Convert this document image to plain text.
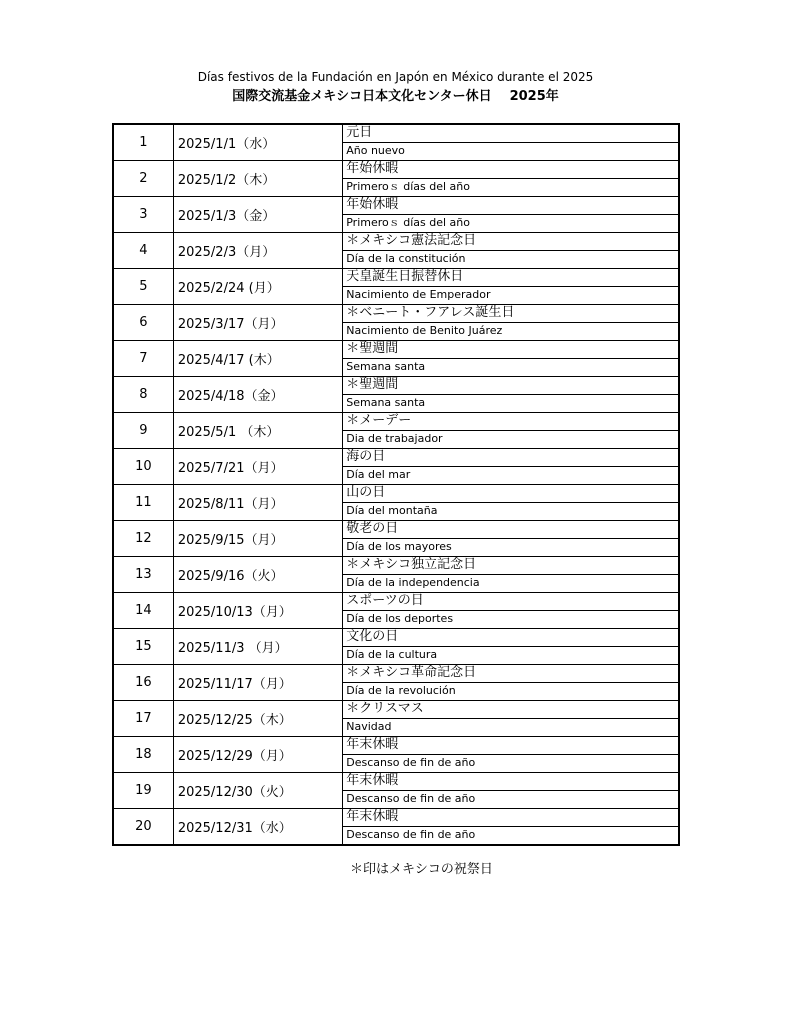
Días festivos de la Fundación en Japón en México durante el 2025
国際交流基金メキシコ日本文化センター休日 2025年
1	2025/1/1（水）	元日
Año nuevo

2	2025/1/2（木）	年始休暇
Primeroｓ días del año

3	2025/1/3（金）	年始休暇
Primeroｓ días del año

4	2025/2/3（月）	＊メキシコ憲法記念日
Día de la constitución

5	2025/2/24 (月）	天皇誕生日振替休日
Nacimiento de Emperador

6	2025/3/17（月）	＊ベニート・フアレス誕生日
Nacimiento de Benito Juárez

7	2025/4/17 (木）	＊聖週間
Semana santa

8	2025/4/18（金）	＊聖週間
Semana santa

9	2025/5/1 （木）	＊メーデー
Dia de trabajador

10	2025/7/21（月）	海の日
Día del mar

11	2025/8/11（月）	山の日
Día del montaña

12	2025/9/15（月）	敬老の日
Día de los mayores

13	2025/9/16（火）	＊メキシコ独立記念日
Día de la independencia

14	2025/10/13（月）	スポーツの日
Día de los deportes

15	2025/11/3 （月）	文化の日
Día de la cultura

16	2025/11/17（月）	＊メキシコ革命記念日
Día de la revolución

17	2025/12/25（木）	＊クリスマス
Navidad

18	2025/12/29（月）	年末休暇
Descanso de fin de año

19	2025/12/30（火）	年末休暇
Descanso de fin de año

20	2025/12/31（水）	年末休暇
Descanso de fin de año
＊印はメキシコの祝祭日
